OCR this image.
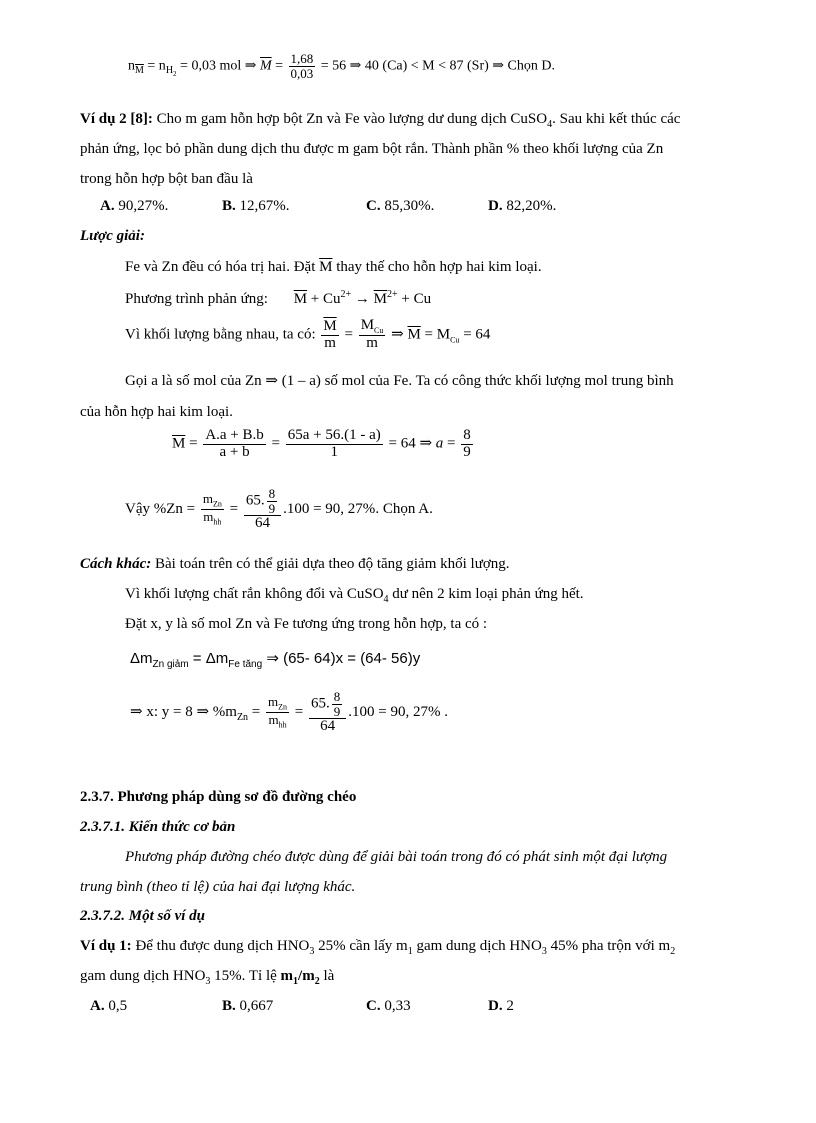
$n_{\overline{M}} = n_{H_2} = 0,03$ mol ⇒ $\overline{M} = \frac{1,68}{0,03} = 56$ ⇒ 40 (Ca) < M < 87 (Sr) ⇒ Chọn D.
Ví dụ 2 [8]: Cho m gam hỗn hợp bột Zn và Fe vào lượng dư dung dịch CuSO$_4$. Sau khi kết thúc các
phản ứng, lọc bỏ phần dung dịch thu được m gam bột rắn. Thành phần % theo khối lượng của Zn
trong hỗn hợp bột ban đầu là
A. 90,27%.	B. 12,67%.	C. 85,30%.	D. 82,20%.
Lược giải:
Fe và Zn đều có hóa trị hai. Đặt $\overline{M}$ thay thế cho hỗn hợp hai kim loại.
Phương trình phản ứng: $\overline{M} + Cu^{2+} \to \overline{M}^{2+} + Cu$
Vì khối lượng bằng nhau, ta có: $\frac{\overline{M}}{m} = \frac{M_{Cu}}{m}$ ⇒ $\overline{M} = M_{Cu} = 64$
Gọi a là số mol của Zn ⇒ (1 – a) số mol của Fe. Ta có công thức khối lượng mol trung bình
của hỗn hợp hai kim loại.
$\overline{M} = \frac{A.a + B.b}{a + b} = \frac{65a + 56.(1 - a)}{1} = 64$ ⇒ $a = \frac{8}{9}$
Vậy $\%Zn = \frac{m_{Zn}}{m_{hh}} = \frac{65. \frac{8}{9}}{64} .100 = 90$, 27%. Chọn A.
Cách khác: Bài toán trên có thể giải dựa theo độ tăng giảm khối lượng.
Vì khối lượng chất rắn không đổi và CuSO$_4$ dư nên 2 kim loại phản ứng hết.
Đặt x, y là số mol Zn và Fe tương ứng trong hỗn hợp, ta có :
$\Delta m_{Zn giảm} = \Delta m_{Fe tăng}$ ⇒ (65- 64)x = (64- 56)y
⇒ x: y = 8 ⇒ $\%m_{Zn} = \frac{m_{Zn}}{m_{hh}} = \frac{65. \frac{8}{9}}{64} .100 = 90$, 27% .
2.3.7. Phương pháp dùng sơ đồ đường chéo
2.3.7.1. Kiến thức cơ bản
Phương pháp đường chéo được dùng để giải bài toán trong đó có phát sinh một đại lượng
trung bình (theo tỉ lệ) của hai đại lượng khác.
2.3.7.2. Một số ví dụ
Ví dụ 1: Để thu được dung dịch $HNO_3$ 25% cần lấy $m_1$ gam dung dịch $HNO_3$ 45% pha trộn với $m_2$
gam dung dịch $HNO_3$ 15%. Tỉ lệ $m_1/m_2$ là
A. 0,5	B. 0,667	C. 0,33	D. 2
